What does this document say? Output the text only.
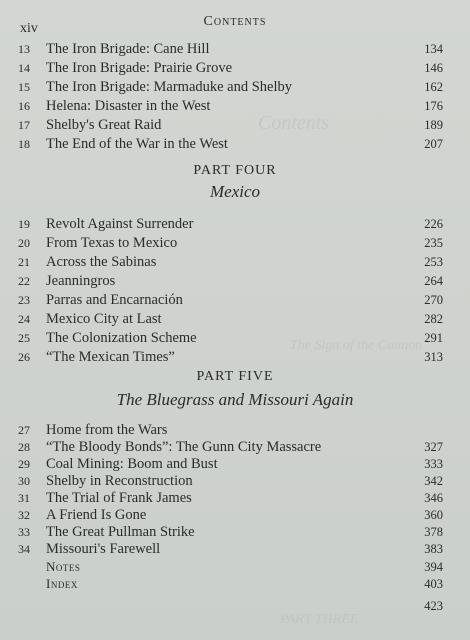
Contents
The Sign of the Cannon
PART THREE
xiv	Contents
13	The Iron Brigade: Cane Hill	134
14	The Iron Brigade: Prairie Grove	146
15	The Iron Brigade: Marmaduke and Shelby	162
16	Helena: Disaster in the West	176
17	Shelby's Great Raid	189
18	The End of the War in the West	207
PART FOUR
Mexico
19	Revolt Against Surrender	226
20	From Texas to Mexico	235
21	Across the Sabinas	253
22	Jeanningros	264
23	Parras and Encarnación	270
24	Mexico City at Last	282
25	The Colonization Scheme	291
26	“The Mexican Times”	313
PART FIVE
The Bluegrass and Missouri Again
27	Home from the Wars
28	“The Bloody Bonds”: The Gunn City Massacre	327
29	Coal Mining: Boom and Bust	333
30	Shelby in Reconstruction	342
31	The Trial of Frank James	346
32	A Friend Is Gone	360
33	The Great Pullman Strike	378
34	Missouri's Farewell	383
Notes	394
Index	403
423
